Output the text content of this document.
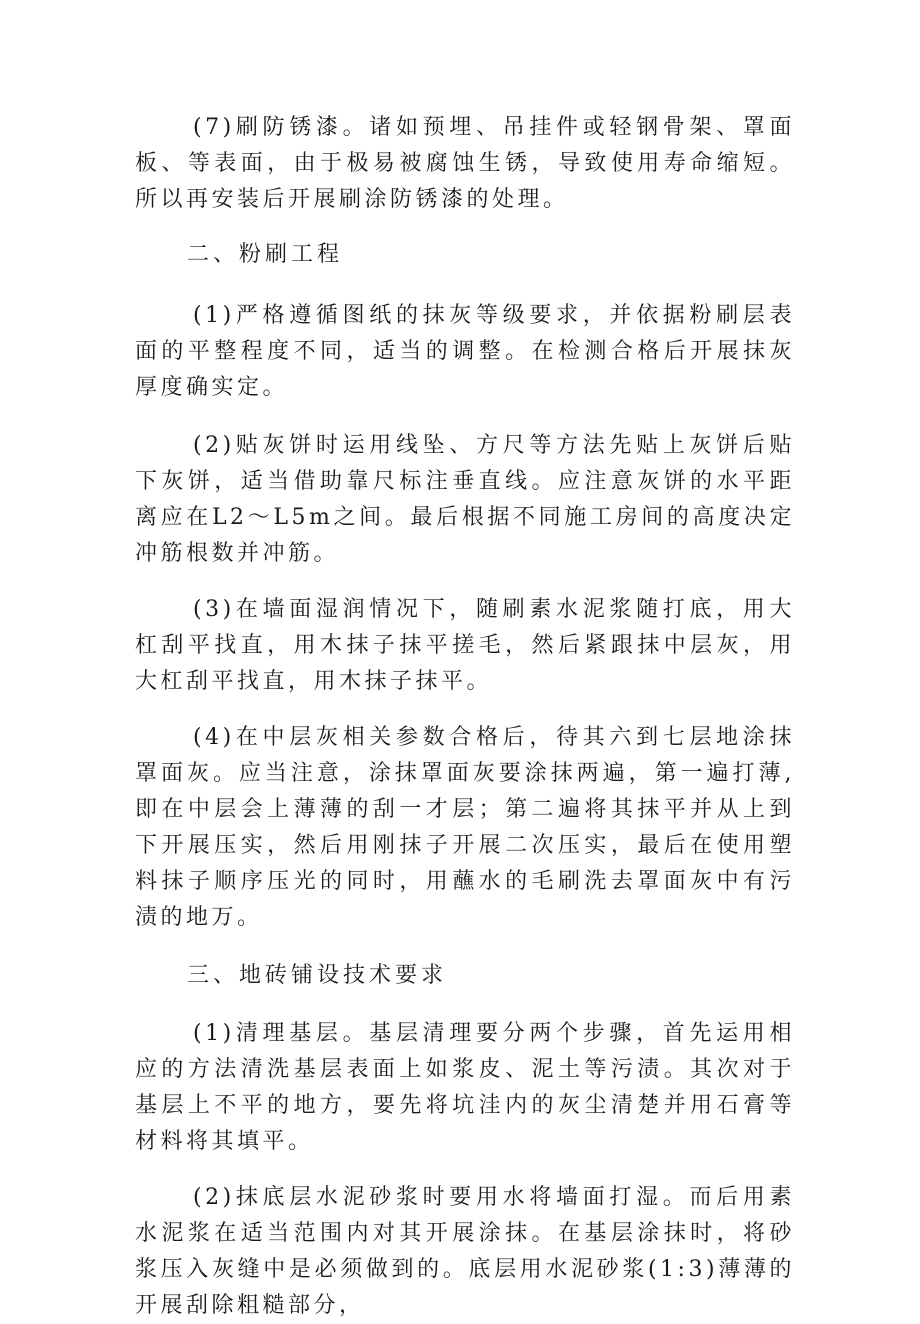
(7)刷防锈漆。诸如预埋、吊挂件或轻钢骨架、罩面板、等表面，由于极易被腐蚀生锈，导致使用寿命缩短。所以再安装后开展刷涂防锈漆的处理。
二、粉刷工程
(1)严格遵循图纸的抹灰等级要求，并依据粉刷层表面的平整程度不同，适当的调整。在检测合格后开展抹灰厚度确实定。
(2)贴灰饼时运用线坠、方尺等方法先贴上灰饼后贴下灰饼，适当借助靠尺标注垂直线。应注意灰饼的水平距离应在L2～L5m之间。最后根据不同施工房间的高度决定冲筋根数并冲筋。
(3)在墙面湿润情况下，随刷素水泥浆随打底，用大杠刮平找直，用木抹子抹平搓毛，然后紧跟抹中层灰，用大杠刮平找直，用木抹子抹平。
(4)在中层灰相关参数合格后，待其六到七层地涂抹罩面灰。应当注意，涂抹罩面灰要涂抹两遍，第一遍打薄,即在中层会上薄薄的刮一才层；第二遍将其抹平并从上到下开展压实，然后用刚抹子开展二次压实，最后在使用塑料抹子顺序压光的同时，用蘸水的毛刷洗去罩面灰中有污渍的地万。
三、地砖铺设技术要求
(1)清理基层。基层清理要分两个步骤，首先运用相应的方法清洗基层表面上如浆皮、泥土等污渍。其次对于基层上不平的地方，要先将坑洼内的灰尘清楚并用石膏等材料将其填平。
(2)抹底层水泥砂浆时要用水将墙面打湿。而后用素水泥浆在适当范围内对其开展涂抹。在基层涂抹时，将砂浆压入灰缝中是必须做到的。底层用水泥砂浆(1:3)薄薄的开展刮除粗糙部分，
